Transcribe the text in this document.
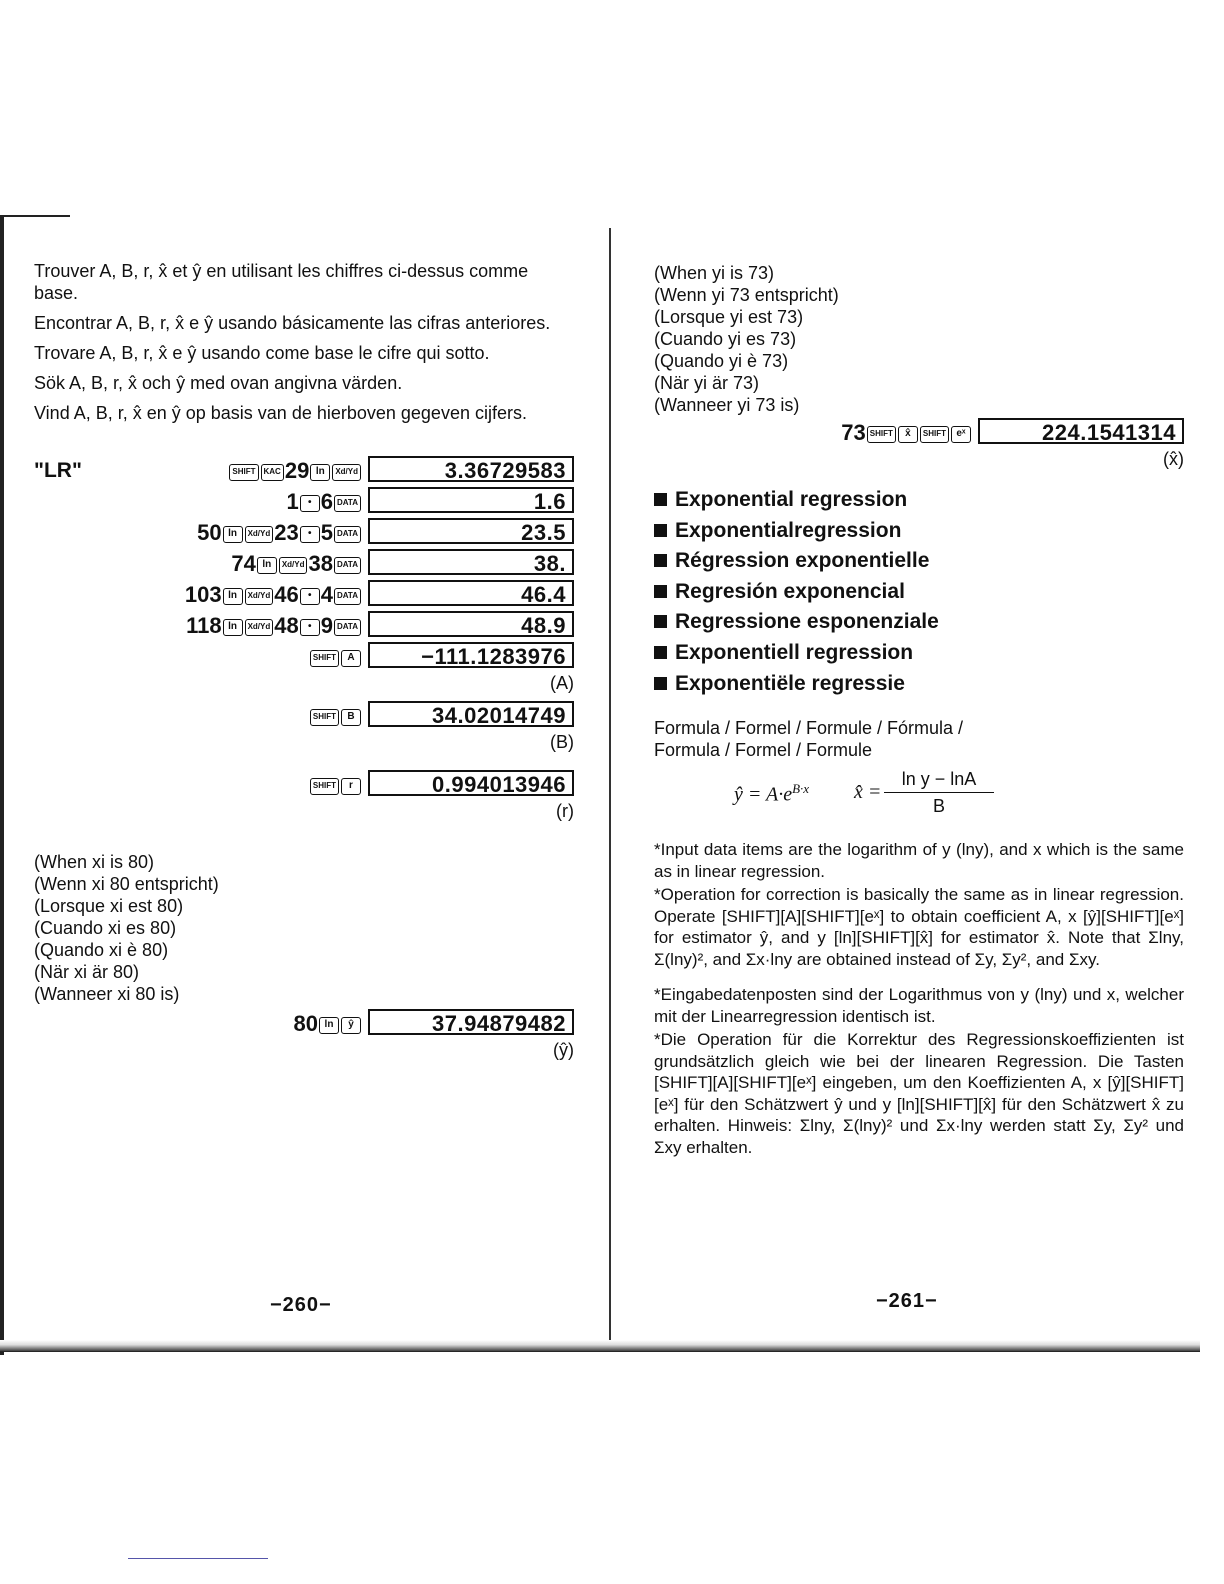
Trouver A, B, r, x̂ et ŷ en utilisant les chiffres ci-dessus comme base.

Encontrar A, B, r, x̂ e ŷ usando básicamente las cifras anteriores.

Trovare A, B, r, x̂ e ŷ usando come base le cifre qui sotto.

Sök A, B, r, x̂ och ŷ med ovan angivna värden.

Vind A, B, r, x̂ en ŷ op basis van de hierboven gegeven cijfers.

"LR"	SHIFT KAC 29 ln Xd/Yd	3.36729583
1 • 6 DATA	1.6
50 ln Xd/Yd 23 • 5 DATA	23.5
74 ln Xd/Yd 38 DATA	38.
103 ln Xd/Yd 46 • 4 DATA	46.4
118 ln Xd/Yd 48 • 9 DATA	48.9
SHIFT A	−111.1283976
(A)
SHIFT B	34.02014749
(B)
SHIFT r	0.994013946
(r)
(When xi is 80)
(Wenn xi 80 entspricht)
(Lorsque xi est 80)
(Cuando xi es 80)
(Quando xi è 80)
(När xi är 80)
(Wanneer xi 80 is)
80 ln ŷ	37.94879482
(ŷ)
−260−
(When yi is 73)
(Wenn yi 73 entspricht)
(Lorsque yi est 73)
(Cuando yi es 73)
(Quando yi è 73)
(När yi är 73)
(Wanneer yi 73 is)
73 SHIFT x̂ SHIFT eˣ	224.1541314
(x̂)
Exponential regression
Exponentialregression
Régression exponentielle
Regresión exponencial
Regressione esponenziale
Exponentiell regression
Exponentiële regressie
Formula / Formel / Formule / Fórmula /
Formula / Formel / Formule
ŷ = $A\cdot e^{B\cdot x}$ x̂ = $\frac{\text{ln y − lnA}}{B}$

*Input data items are the logarithm of y (lny), and x which is the same as in linear regression.

*Operation for correction is basically the same as in linear regression. Operate [SHIFT][A][SHIFT][eˣ] to obtain coefficient A, x [ŷ][SHIFT][eˣ] for estimator ŷ, and y [ln][SHIFT][x̂] for estimator x̂. Note that Σlny, Σ(lny)², and Σx·lny are obtained instead of Σy, Σy², and Σxy.

*Eingabedatenposten sind der Logarithmus von y (lny) und x, welcher mit der Linearregression identisch ist.

*Die Operation für die Korrektur des Regressionskoeffizienten ist grundsätzlich gleich wie bei der linearen Regression. Die Tasten [SHIFT][A][SHIFT][eˣ] eingeben, um den Koeffizienten A, x [ŷ][SHIFT][eˣ] für den Schätzwert ŷ und y [ln][SHIFT][x̂] für den Schätzwert x̂ zu erhalten. Hinweis: Σlny, Σ(lny)² und Σx·lny werden statt Σy, Σy² und Σxy erhalten.

−261−
